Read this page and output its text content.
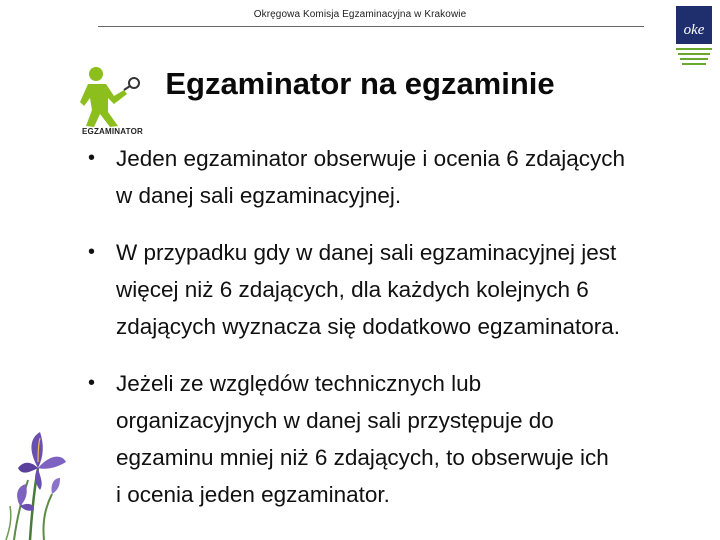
Okręgowa Komisja Egzaminacyjna w Krakowie
oke
EGZAMINATOR
Egzaminator na egzaminie
• Jeden egzaminator obserwuje i ocenia 6 zdających
w danej sali egzaminacyjnej.
• W przypadku gdy w danej sali egzaminacyjnej jest
więcej niż 6 zdających, dla każdych kolejnych 6
zdających wyznacza się dodatkowo egzaminatora.
• Jeżeli ze względów technicznych lub
organizacyjnych w danej sali przystępuje do
egzaminu mniej niż 6 zdających, to obserwuje ich
i ocenia jeden egzaminator.
